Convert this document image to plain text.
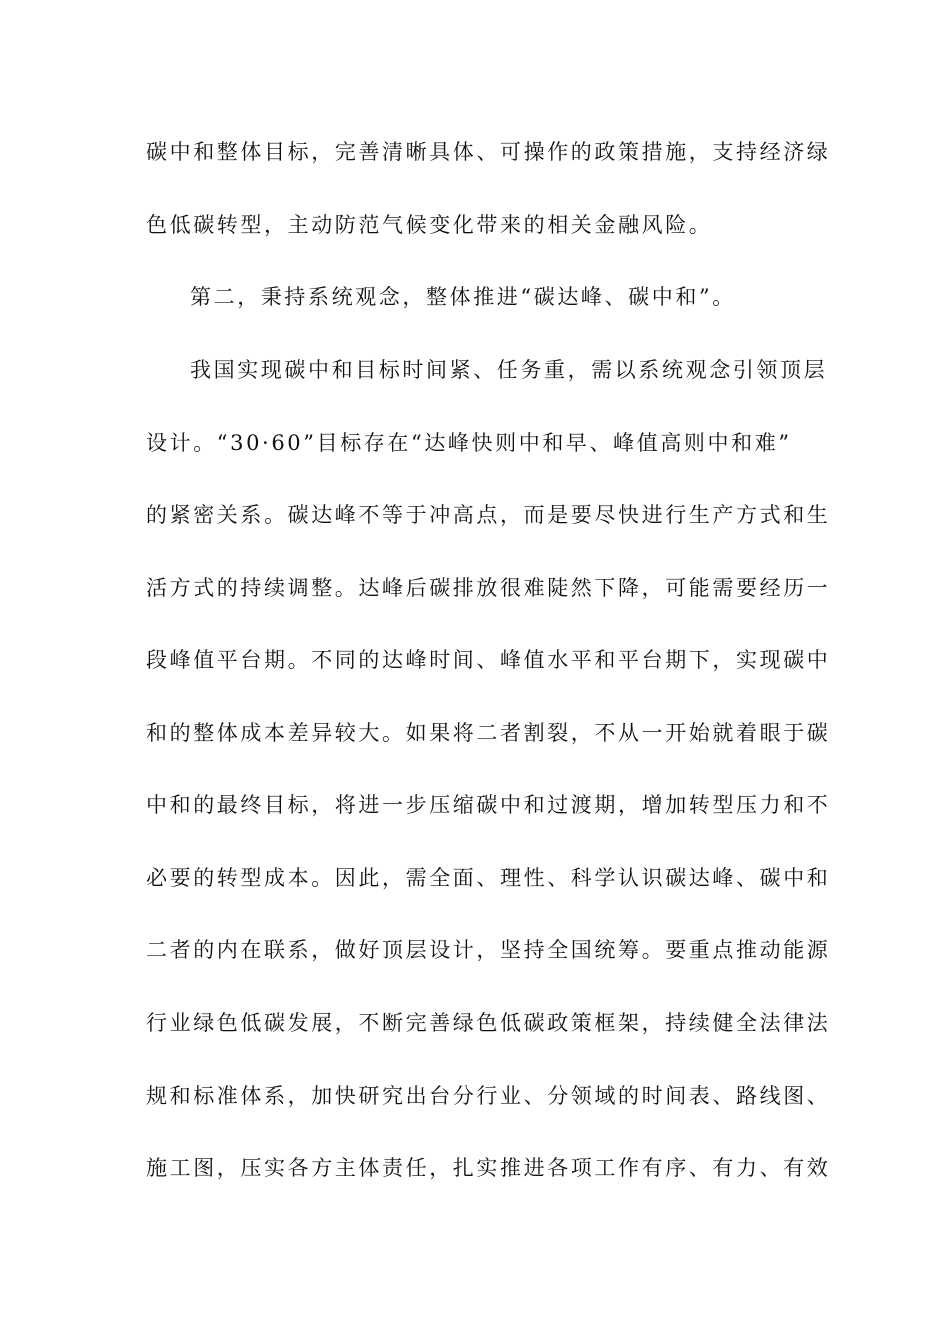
碳中和整体目标，完善清晰具体、可操作的政策措施，支持经济绿
色低碳转型，主动防范气候变化带来的相关金融风险。
第二，秉持系统观念，整体推进“碳达峰、碳中和”。
我国实现碳中和目标时间紧、任务重，需以系统观念引领顶层
设计。“30·60”目标存在“达峰快则中和早、峰值高则中和难”
的紧密关系。碳达峰不等于冲高点，而是要尽快进行生产方式和生
活方式的持续调整。达峰后碳排放很难陡然下降，可能需要经历一
段峰值平台期。不同的达峰时间、峰值水平和平台期下，实现碳中
和的整体成本差异较大。如果将二者割裂，不从一开始就着眼于碳
中和的最终目标，将进一步压缩碳中和过渡期，增加转型压力和不
必要的转型成本。因此，需全面、理性、科学认识碳达峰、碳中和
二者的内在联系，做好顶层设计，坚持全国统筹。要重点推动能源
行业绿色低碳发展，不断完善绿色低碳政策框架，持续健全法律法
规和标准体系，加快研究出台分行业、分领域的时间表、路线图、
施工图，压实各方主体责任，扎实推进各项工作有序、有力、有效
